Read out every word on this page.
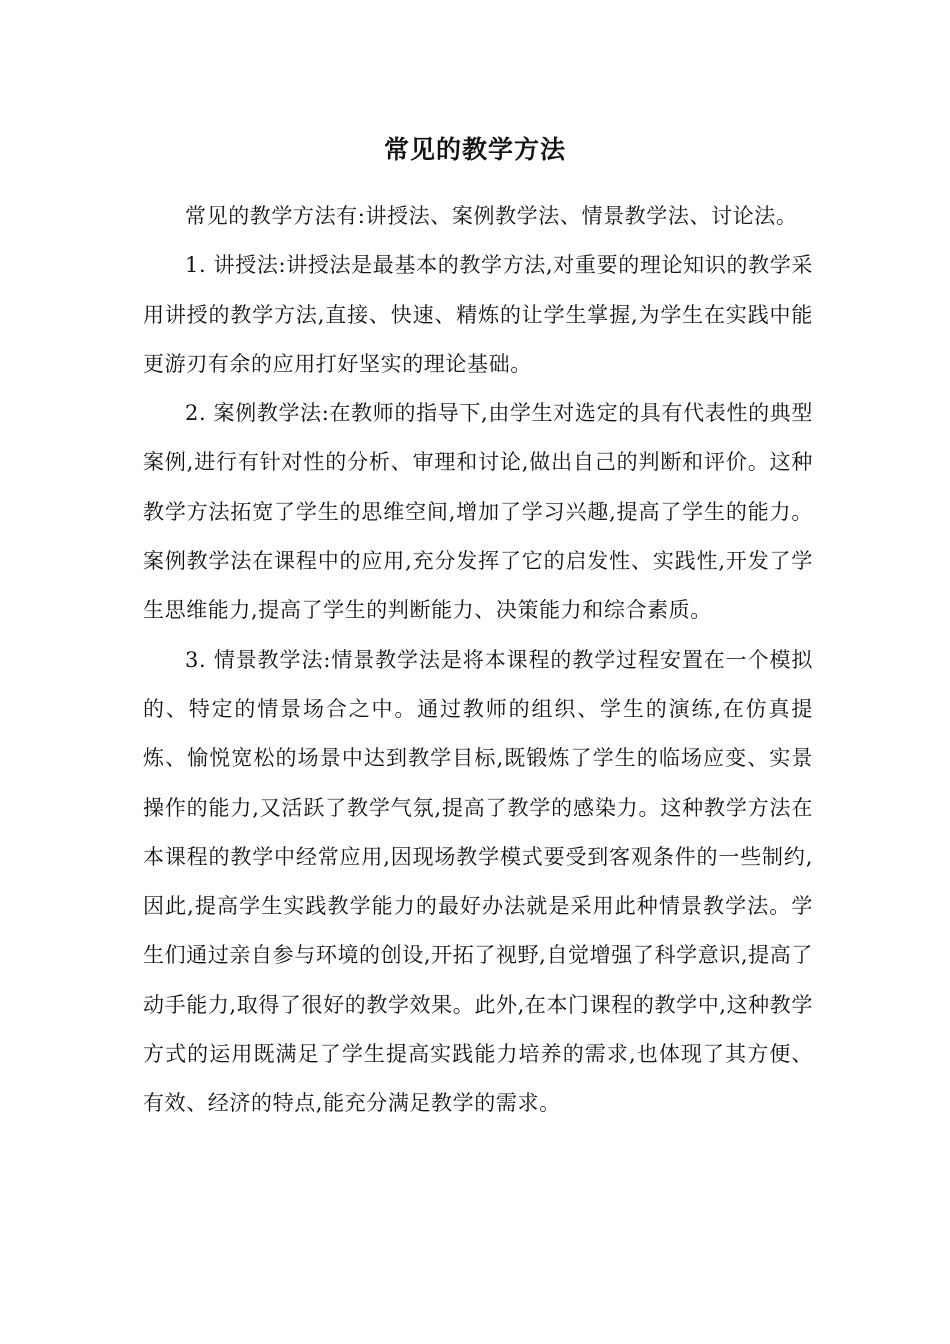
常见的教学方法

常见的教学方法有:讲授法、案例教学法、情景教学法、讨论法。

1. 讲授法:讲授法是最基本的教学方法,对重要的理论知识的教学采用讲授的教学方法,直接、快速、精炼的让学生掌握,为学生在实践中能更游刃有余的应用打好坚实的理论基础。

2. 案例教学法:在教师的指导下,由学生对选定的具有代表性的典型案例,进行有针对性的分析、审理和讨论,做出自己的判断和评价。这种教学方法拓宽了学生的思维空间,增加了学习兴趣,提高了学生的能力。案例教学法在课程中的应用,充分发挥了它的启发性、实践性,开发了学生思维能力,提高了学生的判断能力、决策能力和综合素质。

3. 情景教学法:情景教学法是将本课程的教学过程安置在一个模拟的、特定的情景场合之中。通过教师的组织、学生的演练,在仿真提炼、愉悦宽松的场景中达到教学目标,既锻炼了学生的临场应变、实景操作的能力,又活跃了教学气氛,提高了教学的感染力。这种教学方法在本课程的教学中经常应用,因现场教学模式要受到客观条件的一些制约,因此,提高学生实践教学能力的最好办法就是采用此种情景教学法。学生们通过亲自参与环境的创设,开拓了视野,自觉增强了科学意识,提高了动手能力,取得了很好的教学效果。此外,在本门课程的教学中,这种教学方式的运用既满足了学生提高实践能力培养的需求,也体现了其方便、有效、经济的特点,能充分满足教学的需求。
